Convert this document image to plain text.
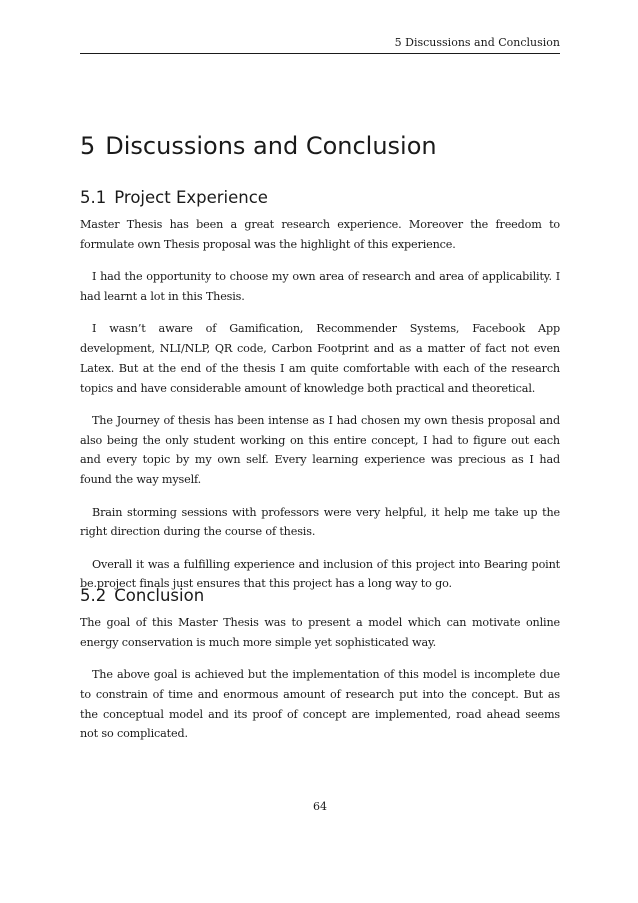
5 Discussions and Conclusion
5 Discussions and Conclusion
5.1 Project Experience

Master Thesis has been a great research experience. Moreover the freedom to formulate own Thesis proposal was the highlight of this experience.

I had the opportunity to choose my own area of research and area of applicability. I had learnt a lot in this Thesis.

I wasn’t aware of Gamification, Recommender Systems, Facebook App development, NLI/NLP, QR code, Carbon Footprint and as a matter of fact not even Latex. But at the end of the thesis I am quite comfortable with each of the research topics and have considerable amount of knowledge both practical and theoretical.

The Journey of thesis has been intense as I had chosen my own thesis proposal and also being the only student working on this entire concept, I had to figure out each and every topic by my own self. Every learning experience was precious as I had found the way myself.

Brain storming sessions with professors were very helpful, it help me take up the right direction during the course of thesis.

Overall it was a fulfilling experience and inclusion of this project into Bearing point be.project finals just ensures that this project has a long way to go.

5.2 Conclusion

The goal of this Master Thesis was to present a model which can motivate online energy conservation is much more simple yet sophisticated way.

The above goal is achieved but the implementation of this model is incomplete due to constrain of time and enormous amount of research put into the concept. But as the conceptual model and its proof of concept are implemented, road ahead seems not so complicated.

64
